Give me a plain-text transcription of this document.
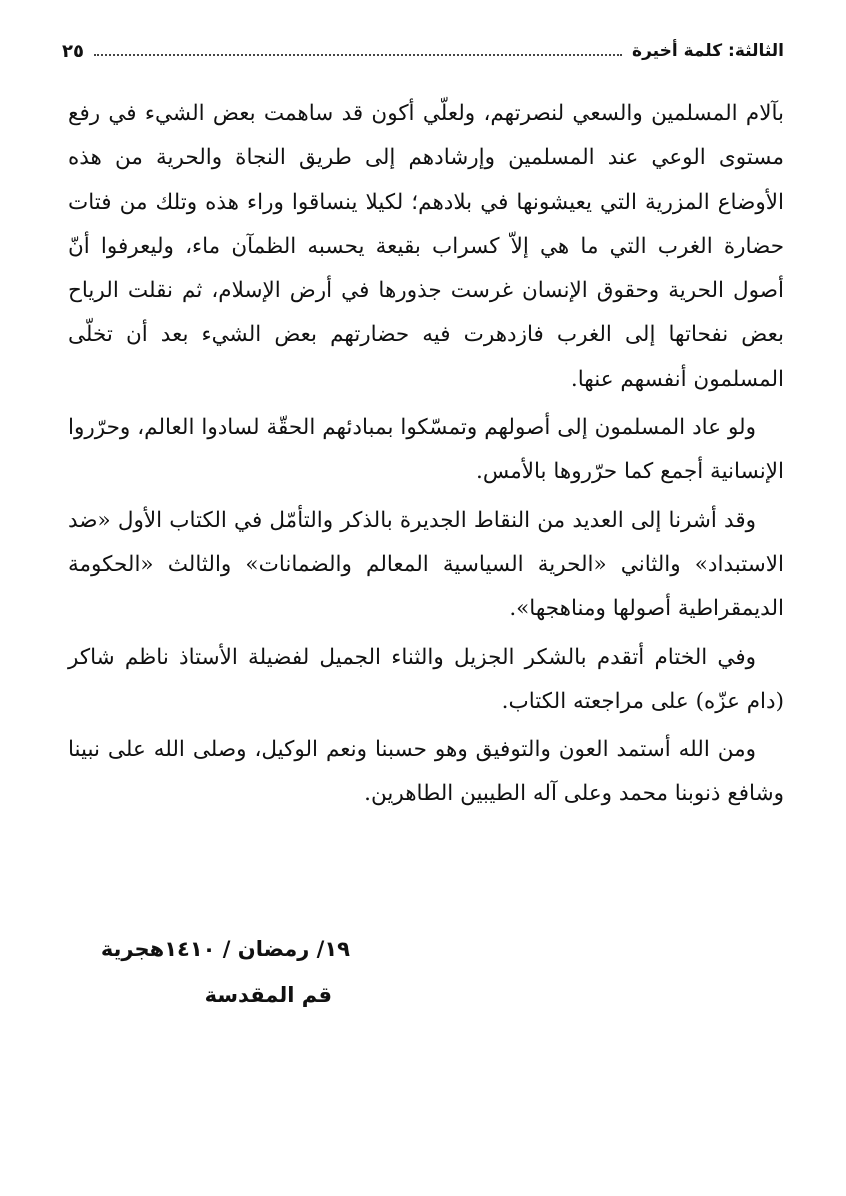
الثالثة: كلمة أخيرة
٢٥

بآلام المسلمين والسعي لنصرتهم، ولعلّي أكون قد ساهمت بعض الشيء في رفع مستوى الوعي عند المسلمين وإرشادهم إلى طريق النجاة والحرية من هذه الأوضاع المزرية التي يعيشونها في بلادهم؛ لكيلا ينساقوا وراء هذه وتلك من فتات حضارة الغرب التي ما هي إلاّ كسراب بقيعة يحسبه الظمآن ماء، وليعرفوا أنّ أصول الحرية وحقوق الإنسان غرست جذورها في أرض الإسلام، ثم نقلت الرياح بعض نفحاتها إلى الغرب فازدهرت فيه حضارتهم بعض الشيء بعد أن تخلّى المسلمون أنفسهم عنها.

ولو عاد المسلمون إلى أصولهم وتمسّكوا بمبادئهم الحقّة لسادوا العالم، وحرّروا الإنسانية أجمع كما حرّروها بالأمس.

وقد أشرنا إلى العديد من النقاط الجديرة بالذكر والتأمّل في الكتاب الأول «ضد الاستبداد» والثاني «الحرية السياسية المعالم والضمانات» والثالث «الحكومة الديمقراطية أصولها ومناهجها».

وفي الختام أتقدم بالشكر الجزيل والثناء الجميل لفضيلة الأستاذ ناظم شاكر (دام عزّه) على مراجعته الكتاب.

ومن الله أستمد العون والتوفيق وهو حسبنا ونعم الوكيل، وصلى الله على نبينا وشافع ذنوبنا محمد وعلى آله الطيبين الطاهرين.

١٩/ رمضان / ١٤١٠هجرية
قم المقدسة
